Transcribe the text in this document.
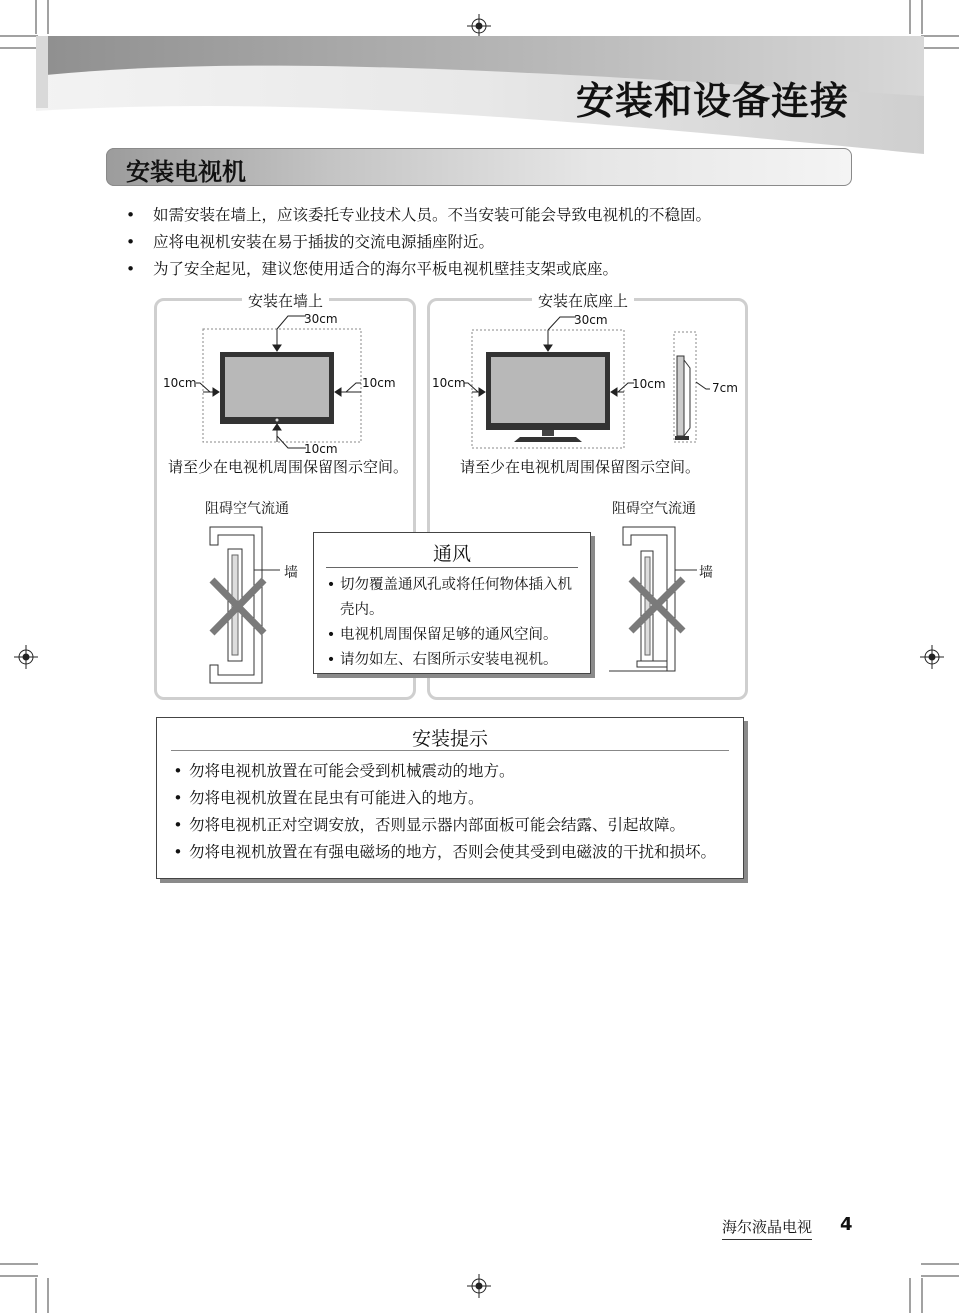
安装和设备连接
安装电视机
•	如需安装在墙上，应该委托专业技术人员。不当安装可能会导致电视机的不稳固。
•	应将电视机安装在易于插拔的交流电源插座附近。
•	为了安全起见，建议您使用适合的海尔平板电视机壁挂支架或底座。
安装在墙上
30cm
10cm	10cm
10cm
请至少在电视机周围保留图示空间。
阻碍空气流通
墙
安装在底座上
30cm
10cm	10cm	7cm
请至少在电视机周围保留图示空间。
阻碍空气流通
墙
通风
• 切勿覆盖通风孔或将任何物体插入机壳内。
• 电视机周围保留足够的通风空间。
• 请勿如左、右图所示安装电视机。
安装提示
• 勿将电视机放置在可能会受到机械震动的地方。
• 勿将电视机放置在昆虫有可能进入的地方。
• 勿将电视机正对空调安放，否则显示器内部面板可能会结露、引起故障。
• 勿将电视机放置在有强电磁场的地方，否则会使其受到电磁波的干扰和损坏。
海尔液晶电视 4
